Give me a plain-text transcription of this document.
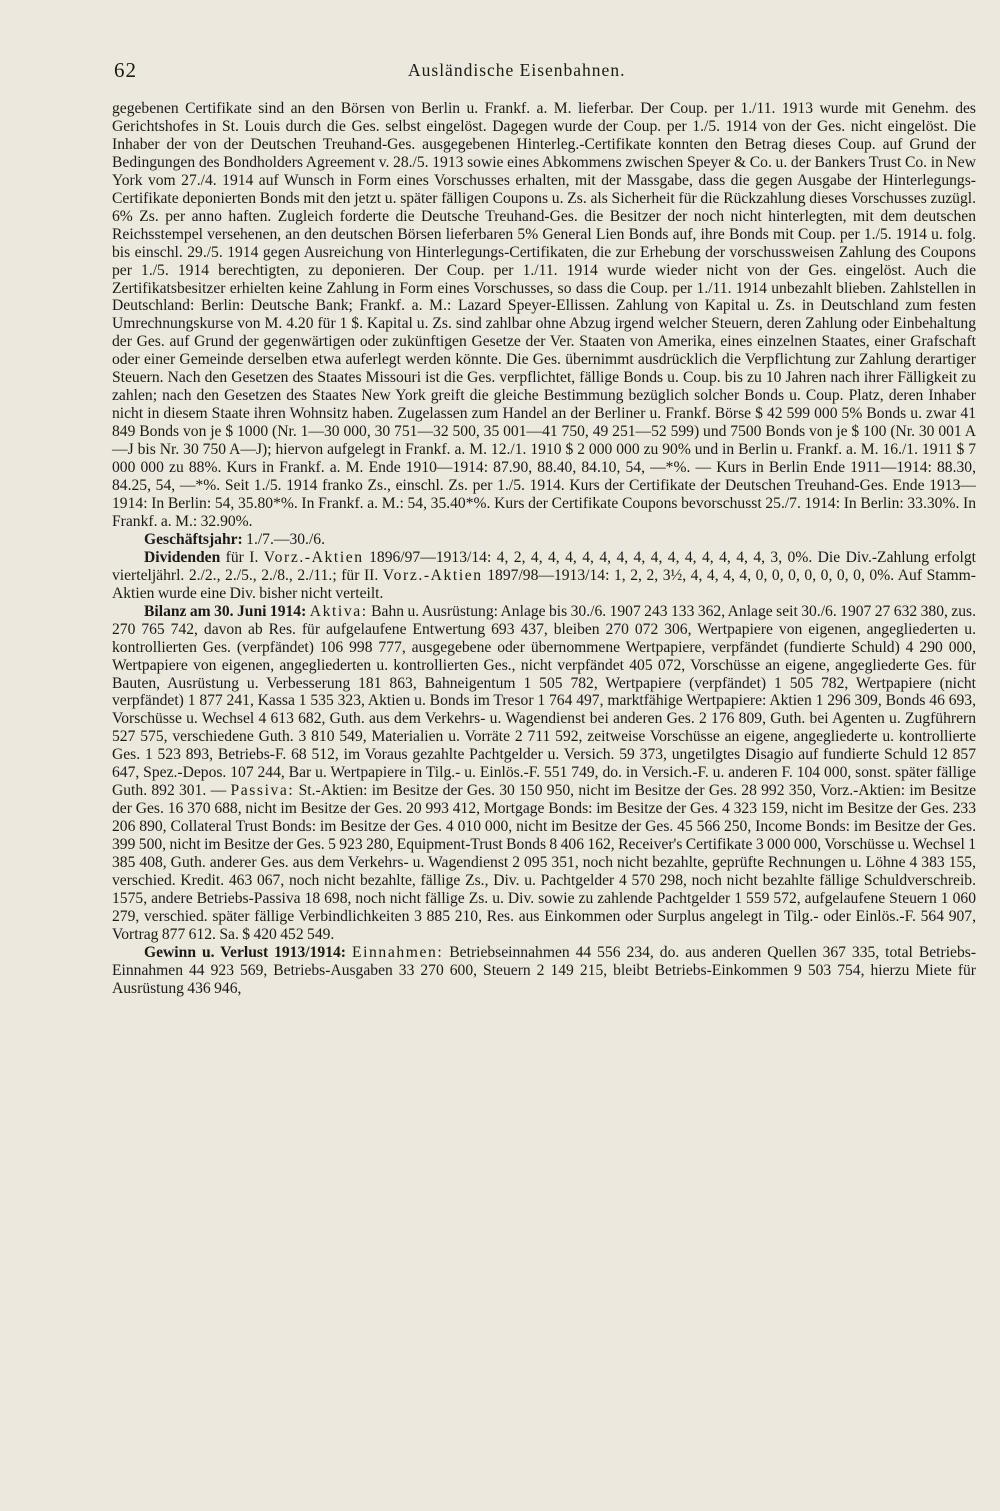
62	Ausländische Eisenbahnen.

gegebenen Certifikate sind an den Börsen von Berlin u. Frankf. a. M. lieferbar. Der Coup. per 1./11. 1913 wurde mit Genehm. des Gerichtshofes in St. Louis durch die Ges. selbst eingelöst. Dagegen wurde der Coup. per 1./5. 1914 von der Ges. nicht eingelöst. Die Inhaber der von der Deutschen Treuhand-Ges. ausgegebenen Hinterleg.-Certifikate konnten den Betrag dieses Coup. auf Grund der Bedingungen des Bondholders Agreement v. 28./5. 1913 sowie eines Abkommens zwischen Speyer & Co. u. der Bankers Trust Co. in New York vom 27./4. 1914 auf Wunsch in Form eines Vorschusses erhalten, mit der Massgabe, dass die gegen Ausgabe der Hinterlegungs-Certifikate deponierten Bonds mit den jetzt u. später fälligen Coupons u. Zs. als Sicherheit für die Rückzahlung dieses Vorschusses zuzügl. 6% Zs. per anno haften. Zugleich forderte die Deutsche Treuhand-Ges. die Besitzer der noch nicht hinterlegten, mit dem deutschen Reichsstempel versehenen, an den deutschen Börsen lieferbaren 5% General Lien Bonds auf, ihre Bonds mit Coup. per 1./5. 1914 u. folg. bis einschl. 29./5. 1914 gegen Ausreichung von Hinterlegungs-Certifikaten, die zur Erhebung der vorschussweisen Zahlung des Coupons per 1./5. 1914 berechtigten, zu deponieren. Der Coup. per 1./11. 1914 wurde wieder nicht von der Ges. eingelöst. Auch die Zertifikatsbesitzer erhielten keine Zahlung in Form eines Vorschusses, so dass die Coup. per 1./11. 1914 unbezahlt blieben. Zahlstellen in Deutschland: Berlin: Deutsche Bank; Frankf. a. M.: Lazard Speyer-Ellissen. Zahlung von Kapital u. Zs. in Deutschland zum festen Umrechnungskurse von M. 4.20 für 1 $. Kapital u. Zs. sind zahlbar ohne Abzug irgend welcher Steuern, deren Zahlung oder Einbehaltung der Ges. auf Grund der gegenwärtigen oder zukünftigen Gesetze der Ver. Staaten von Amerika, eines einzelnen Staates, einer Grafschaft oder einer Gemeinde derselben etwa auferlegt werden könnte. Die Ges. übernimmt ausdrücklich die Verpflichtung zur Zahlung derartiger Steuern. Nach den Gesetzen des Staates Missouri ist die Ges. verpflichtet, fällige Bonds u. Coup. bis zu 10 Jahren nach ihrer Fälligkeit zu zahlen; nach den Gesetzen des Staates New York greift die gleiche Bestimmung bezüglich solcher Bonds u. Coup. Platz, deren Inhaber nicht in diesem Staate ihren Wohnsitz haben. Zugelassen zum Handel an der Berliner u. Frankf. Börse $ 42 599 000 5% Bonds u. zwar 41 849 Bonds von je $ 1000 (Nr. 1—30 000, 30 751—32 500, 35 001—41 750, 49 251—52 599) und 7500 Bonds von je $ 100 (Nr. 30 001 A—J bis Nr. 30 750 A—J); hiervon aufgelegt in Frankf. a. M. 12./1. 1910 $ 2 000 000 zu 90% und in Berlin u. Frankf. a. M. 16./1. 1911 $ 7 000 000 zu 88%. Kurs in Frankf. a. M. Ende 1910—1914: 87.90, 88.40, 84.10, 54, —*%. — Kurs in Berlin Ende 1911—1914: 88.30, 84.25, 54, —*%. Seit 1./5. 1914 franko Zs., einschl. Zs. per 1./5. 1914. Kurs der Certifikate der Deutschen Treuhand-Ges. Ende 1913—1914: In Berlin: 54, 35.80*%. In Frankf. a. M.: 54, 35.40*%. Kurs der Certifikate Coupons bevorschusst 25./7. 1914: In Berlin: 33.30%. In Frankf. a. M.: 32.90%.

Geschäftsjahr: 1./7.—30./6.

Dividenden für I. Vorz.-Aktien 1896/97—1913/14: 4, 2, 4, 4, 4, 4, 4, 4, 4, 4, 4, 4, 4, 4, 4, 4, 3, 0%. Die Div.-Zahlung erfolgt vierteljährl. 2./2., 2./5., 2./8., 2./11.; für II. Vorz.-Aktien 1897/98—1913/14: 1, 2, 2, 3½, 4, 4, 4, 4, 0, 0, 0, 0, 0, 0, 0, 0%. Auf Stamm-Aktien wurde eine Div. bisher nicht verteilt.

Bilanz am 30. Juni 1914: Aktiva: Bahn u. Ausrüstung: Anlage bis 30./6. 1907 243 133 362, Anlage seit 30./6. 1907 27 632 380, zus. 270 765 742, davon ab Res. für aufgelaufene Entwertung 693 437, bleiben 270 072 306, Wertpapiere von eigenen, angegliederten u. kontrollierten Ges. (verpfändet) 106 998 777, ausgegebene oder übernommene Wertpapiere, verpfändet (fundierte Schuld) 4 290 000, Wertpapiere von eigenen, angegliederten u. kontrollierten Ges., nicht verpfändet 405 072, Vorschüsse an eigene, angegliederte Ges. für Bauten, Ausrüstung u. Verbesserung 181 863, Bahneigentum 1 505 782, Wertpapiere (verpfändet) 1 505 782, Wertpapiere (nicht verpfändet) 1 877 241, Kassa 1 535 323, Aktien u. Bonds im Tresor 1 764 497, marktfähige Wertpapiere: Aktien 1 296 309, Bonds 46 693, Vorschüsse u. Wechsel 4 613 682, Guth. aus dem Verkehrs- u. Wagendienst bei anderen Ges. 2 176 809, Guth. bei Agenten u. Zugführern 527 575, verschiedene Guth. 3 810 549, Materialien u. Vorräte 2 711 592, zeitweise Vorschüsse an eigene, angegliederte u. kontrollierte Ges. 1 523 893, Betriebs-F. 68 512, im Voraus gezahlte Pachtgelder u. Versich. 59 373, ungetilgtes Disagio auf fundierte Schuld 12 857 647, Spez.-Depos. 107 244, Bar u. Wertpapiere in Tilg.- u. Einlös.-F. 551 749, do. in Versich.-F. u. anderen F. 104 000, sonst. später fällige Guth. 892 301. — Passiva: St.-Aktien: im Besitze der Ges. 30 150 950, nicht im Besitze der Ges. 28 992 350, Vorz.-Aktien: im Besitze der Ges. 16 370 688, nicht im Besitze der Ges. 20 993 412, Mortgage Bonds: im Besitze der Ges. 4 323 159, nicht im Besitze der Ges. 233 206 890, Collateral Trust Bonds: im Besitze der Ges. 4 010 000, nicht im Besitze der Ges. 45 566 250, Income Bonds: im Besitze der Ges. 399 500, nicht im Besitze der Ges. 5 923 280, Equipment-Trust Bonds 8 406 162, Receiver's Certifikate 3 000 000, Vorschüsse u. Wechsel 1 385 408, Guth. anderer Ges. aus dem Verkehrs- u. Wagendienst 2 095 351, noch nicht bezahlte, geprüfte Rechnungen u. Löhne 4 383 155, verschied. Kredit. 463 067, noch nicht bezahlte, fällige Zs., Div. u. Pachtgelder 4 570 298, noch nicht bezahlte fällige Schuldverschreib. 1575, andere Betriebs-Passiva 18 698, noch nicht fällige Zs. u. Div. sowie zu zahlende Pachtgelder 1 559 572, aufgelaufene Steuern 1 060 279, verschied. später fällige Verbindlichkeiten 3 885 210, Res. aus Einkommen oder Surplus angelegt in Tilg.- oder Einlös.-F. 564 907, Vortrag 877 612. Sa. $ 420 452 549.

Gewinn u. Verlust 1913/1914: Einnahmen: Betriebseinnahmen 44 556 234, do. aus anderen Quellen 367 335, total Betriebs-Einnahmen 44 923 569, Betriebs-Ausgaben 33 270 600, Steuern 2 149 215, bleibt Betriebs-Einkommen 9 503 754, hierzu Miete für Ausrüstung 436 946,
